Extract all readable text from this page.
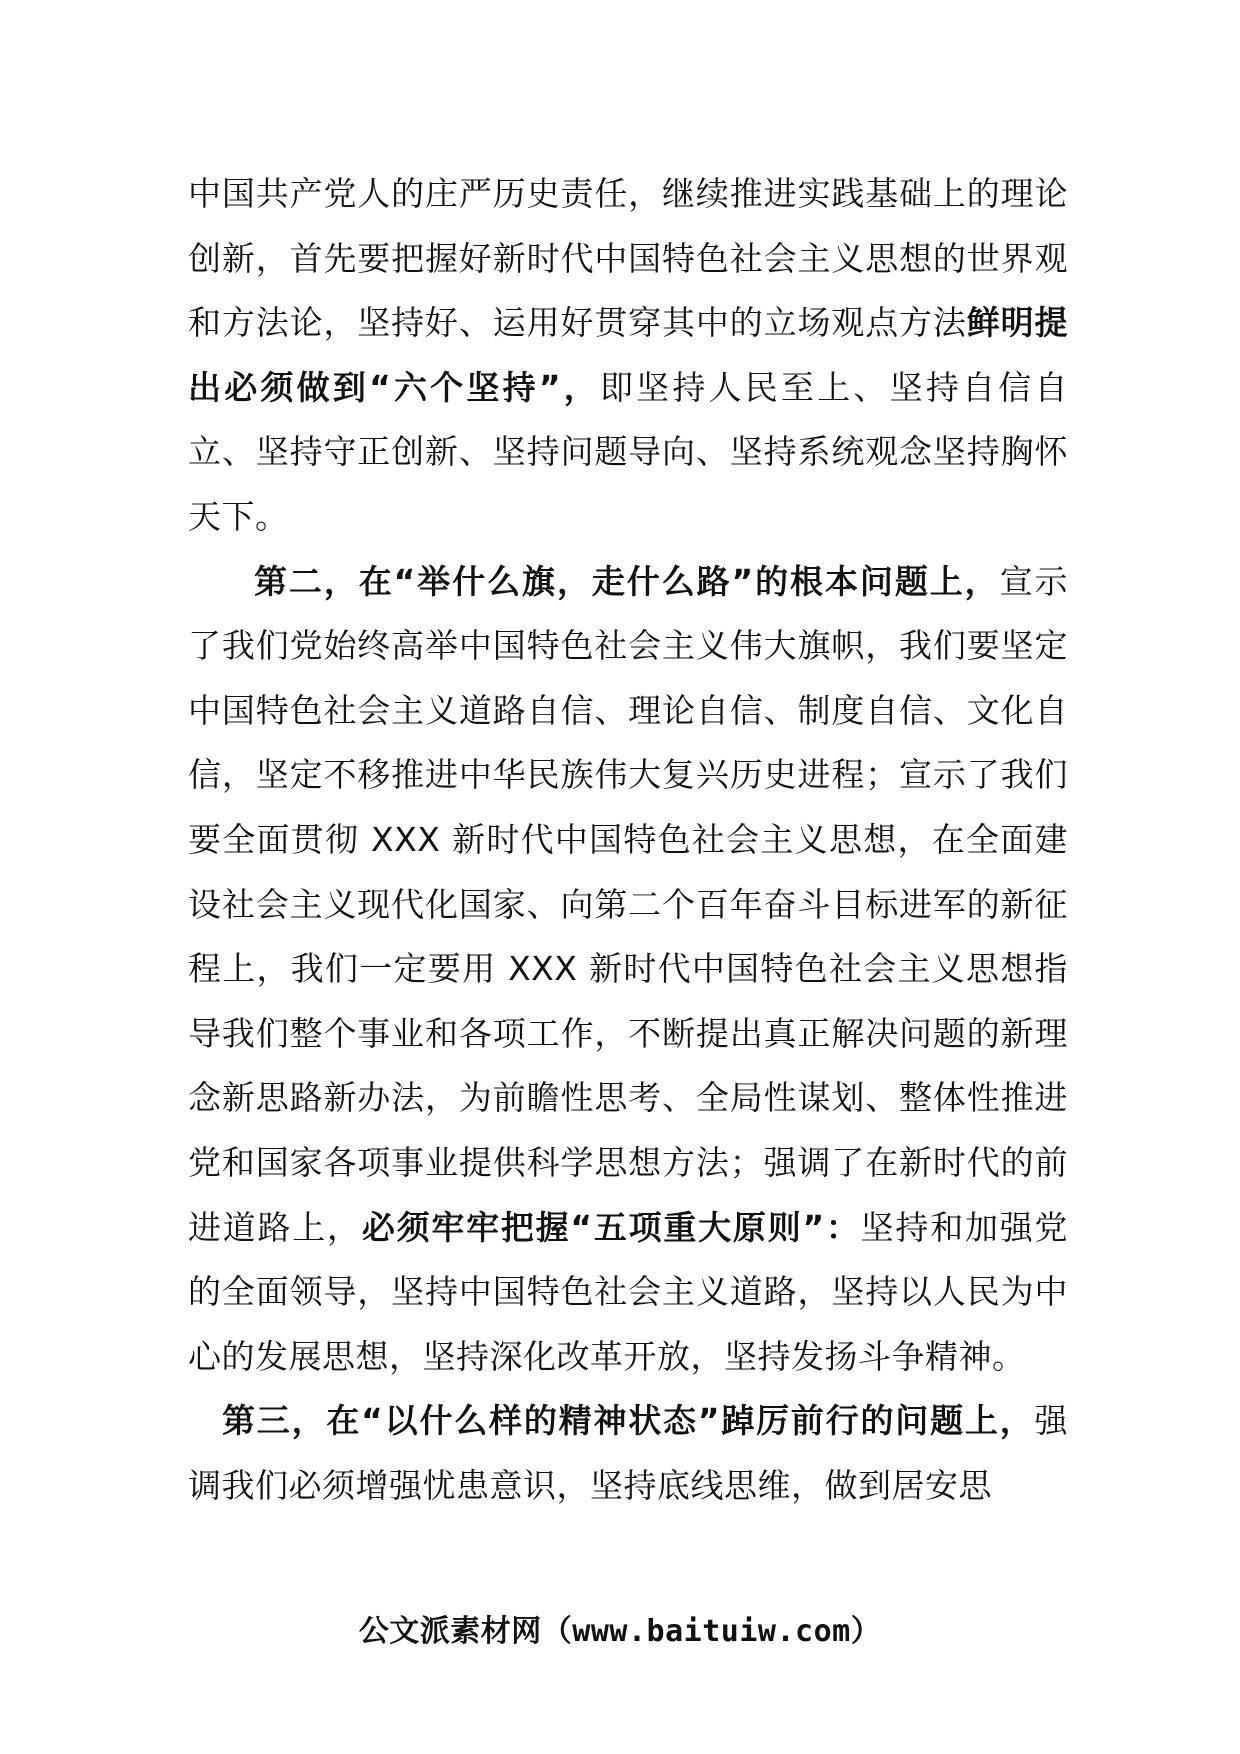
中国共产党人的庄严历史责任，继续推进实践基础上的理论创新，首先要把握好新时代中国特色社会主义思想的世界观和方法论，坚持好、运用好贯穿其中的立场观点方法鲜明提出必须做到“六个坚持”，即坚持人民至上、坚持自信自立、坚持守正创新、坚持问题导向、坚持系统观念坚持胸怀天下。

第二，在“举什么旗，走什么路”的根本问题上，宣示了我们党始终高举中国特色社会主义伟大旗帜，我们要坚定中国特色社会主义道路自信、理论自信、制度自信、文化自信，坚定不移推进中华民族伟大复兴历史进程；宣示了我们要全面贯彻 XXX 新时代中国特色社会主义思想，在全面建设社会主义现代化国家、向第二个百年奋斗目标进军的新征程上，我们一定要用 XXX 新时代中国特色社会主义思想指导我们整个事业和各项工作，不断提出真正解决问题的新理念新思路新办法，为前瞻性思考、全局性谋划、整体性推进党和国家各项事业提供科学思想方法；强调了在新时代的前进道路上，必须牢牢把握“五项重大原则”：坚持和加强党的全面领导，坚持中国特色社会主义道路，坚持以人民为中心的发展思想，坚持深化改革开放，坚持发扬斗争精神。

第三，在“以什么样的精神状态”踔厉前行的问题上，强调我们必须增强忧患意识，坚持底线思维，做到居安思

公文派素材网（www.baituiw.com）
